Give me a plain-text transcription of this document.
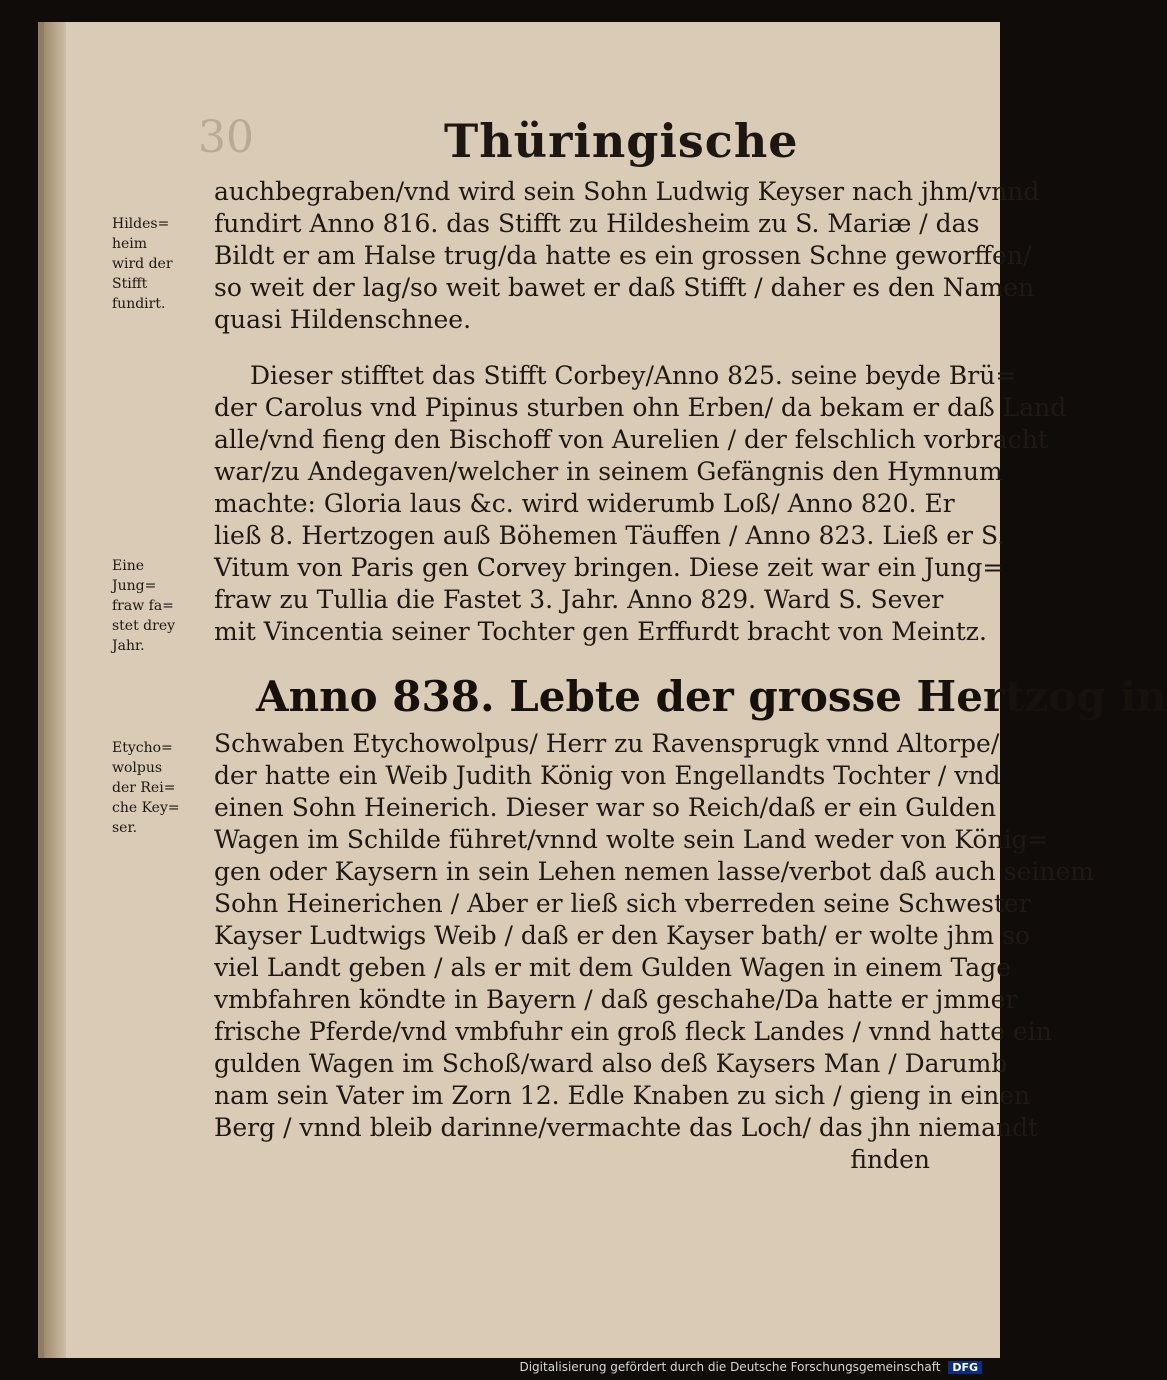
30	Thüringische
auchbegraben/vnd wird sein Sohn Ludwig Keyser nach jhm/vnnd
fundirt Anno 816. das Stifft zu Hildesheim zu S. Mariæ / das
Bildt er am Halse trug/da hatte es ein grossen Schne geworffen/
so weit der lag/so weit bawet er daß Stifft / daher es den Namen
quasi Hildenschnee.
Dieser stifftet das Stifft Corbey/Anno 825. seine beyde Brü=
der Carolus vnd Pipinus sturben ohn Erben/ da bekam er daß Land
alle/vnd fieng den Bischoff von Aurelien / der felschlich vorbracht
war/zu Andegaven/welcher in seinem Gefängnis den Hymnum
machte: Gloria laus &c. wird widerumb Loß/ Anno 820. Er
ließ 8. Hertzogen auß Böhemen Täuffen / Anno 823. Ließ er S.
Vitum von Paris gen Corvey bringen. Diese zeit war ein Jung=
fraw zu Tullia die Fastet 3. Jahr. Anno 829. Ward S. Sever
mit Vincentia seiner Tochter gen Erffurdt bracht von Meintz.
Anno 838. Lebte der grosse Hertzog in
Schwaben Etychowolpus/ Herr zu Ravensprugk vnnd Altorpe/
der hatte ein Weib Judith König von Engellandts Tochter / vnd
einen Sohn Heinerich. Dieser war so Reich/daß er ein Gulden
Wagen im Schilde führet/vnnd wolte sein Land weder von König=
gen oder Kaysern in sein Lehen nemen lasse/verbot daß auch seinem
Sohn Heinerichen / Aber er ließ sich vberreden seine Schwester
Kayser Ludtwigs Weib / daß er den Kayser bath/ er wolte jhm so
viel Landt geben / als er mit dem Gulden Wagen in einem Tage
vmbfahren köndte in Bayern / daß geschahe/Da hatte er jmmer
frische Pferde/vnd vmbfuhr ein groß fleck Landes / vnnd hatte ein
gulden Wagen im Schoß/ward also deß Kaysers Man / Darumb
nam sein Vater im Zorn 12. Edle Knaben zu sich / gieng in einen
Berg / vnnd bleib darinne/vermachte das Loch/ das jhn niemandt
finden
Hildes=
heim
wird der
Stifft
fundirt.
Eine
Jung=
fraw fa=
stet drey
Jahr.
Etycho=
wolpus
der Rei=
che Key=
ser.
Digitalisierung gefördert durch die Deutsche Forschungsgemeinschaft DFG
